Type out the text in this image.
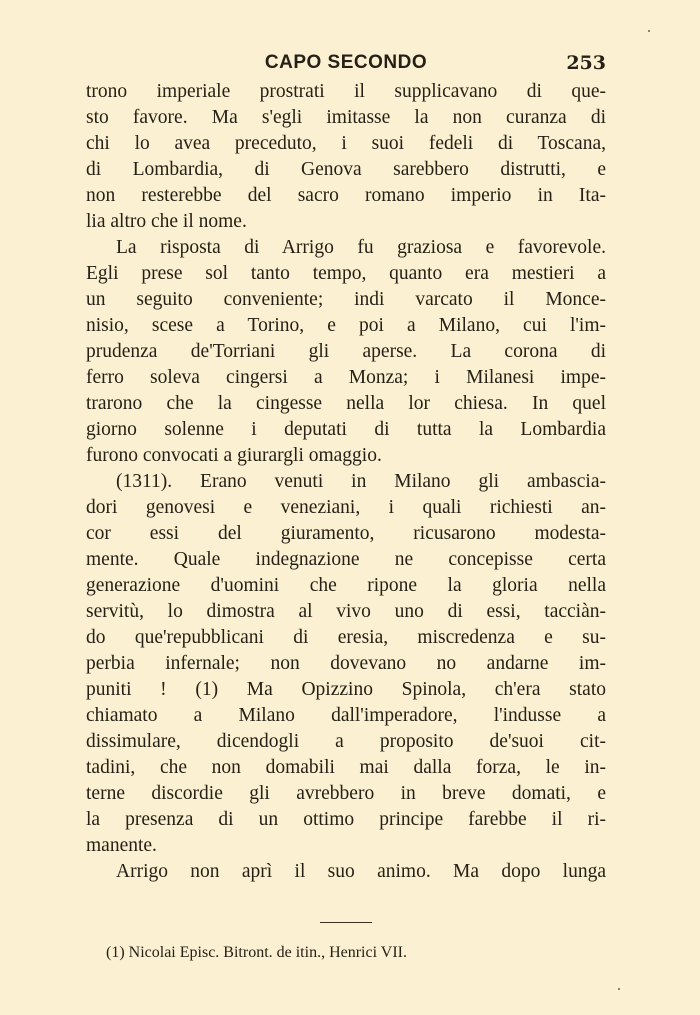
CAPO SECONDO	253
trono imperiale prostrati il supplicavano di que-
sto favore. Ma s'egli imitasse la non curanza di
chi lo avea preceduto, i suoi fedeli di Toscana,
di Lombardia, di Genova sarebbero distrutti, e
non resterebbe del sacro romano imperio in Ita-
lia altro che il nome.
La risposta di Arrigo fu graziosa e favorevole.
Egli prese sol tanto tempo, quanto era mestieri a
un seguito conveniente; indi varcato il Monce-
nisio, scese a Torino, e poi a Milano, cui l'im-
prudenza de'Torriani gli aperse. La corona di
ferro soleva cingersi a Monza; i Milanesi impe-
trarono che la cingesse nella lor chiesa. In quel
giorno solenne i deputati di tutta la Lombardia
furono convocati a giurargli omaggio.
(1311). Erano venuti in Milano gli ambascia-
dori genovesi e veneziani, i quali richiesti an-
cor essi del giuramento, ricusarono modesta-
mente. Quale indegnazione ne concepisse certa
generazione d'uomini che ripone la gloria nella
servitù, lo dimostra al vivo uno di essi, tacciàn-
do que'repubblicani di eresia, miscredenza e su-
perbia infernale; non dovevano no andarne im-
puniti ! (1) Ma Opizzino Spinola, ch'era stato
chiamato a Milano dall'imperadore, l'indusse a
dissimulare, dicendogli a proposito de'suoi cit-
tadini, che non domabili mai dalla forza, le in-
terne discordie gli avrebbero in breve domati, e
la presenza di un ottimo principe farebbe il ri-
manente.
Arrigo non aprì il suo animo. Ma dopo lunga
(1) Nicolai Episc. Bitront. de itin., Henrici VII.
